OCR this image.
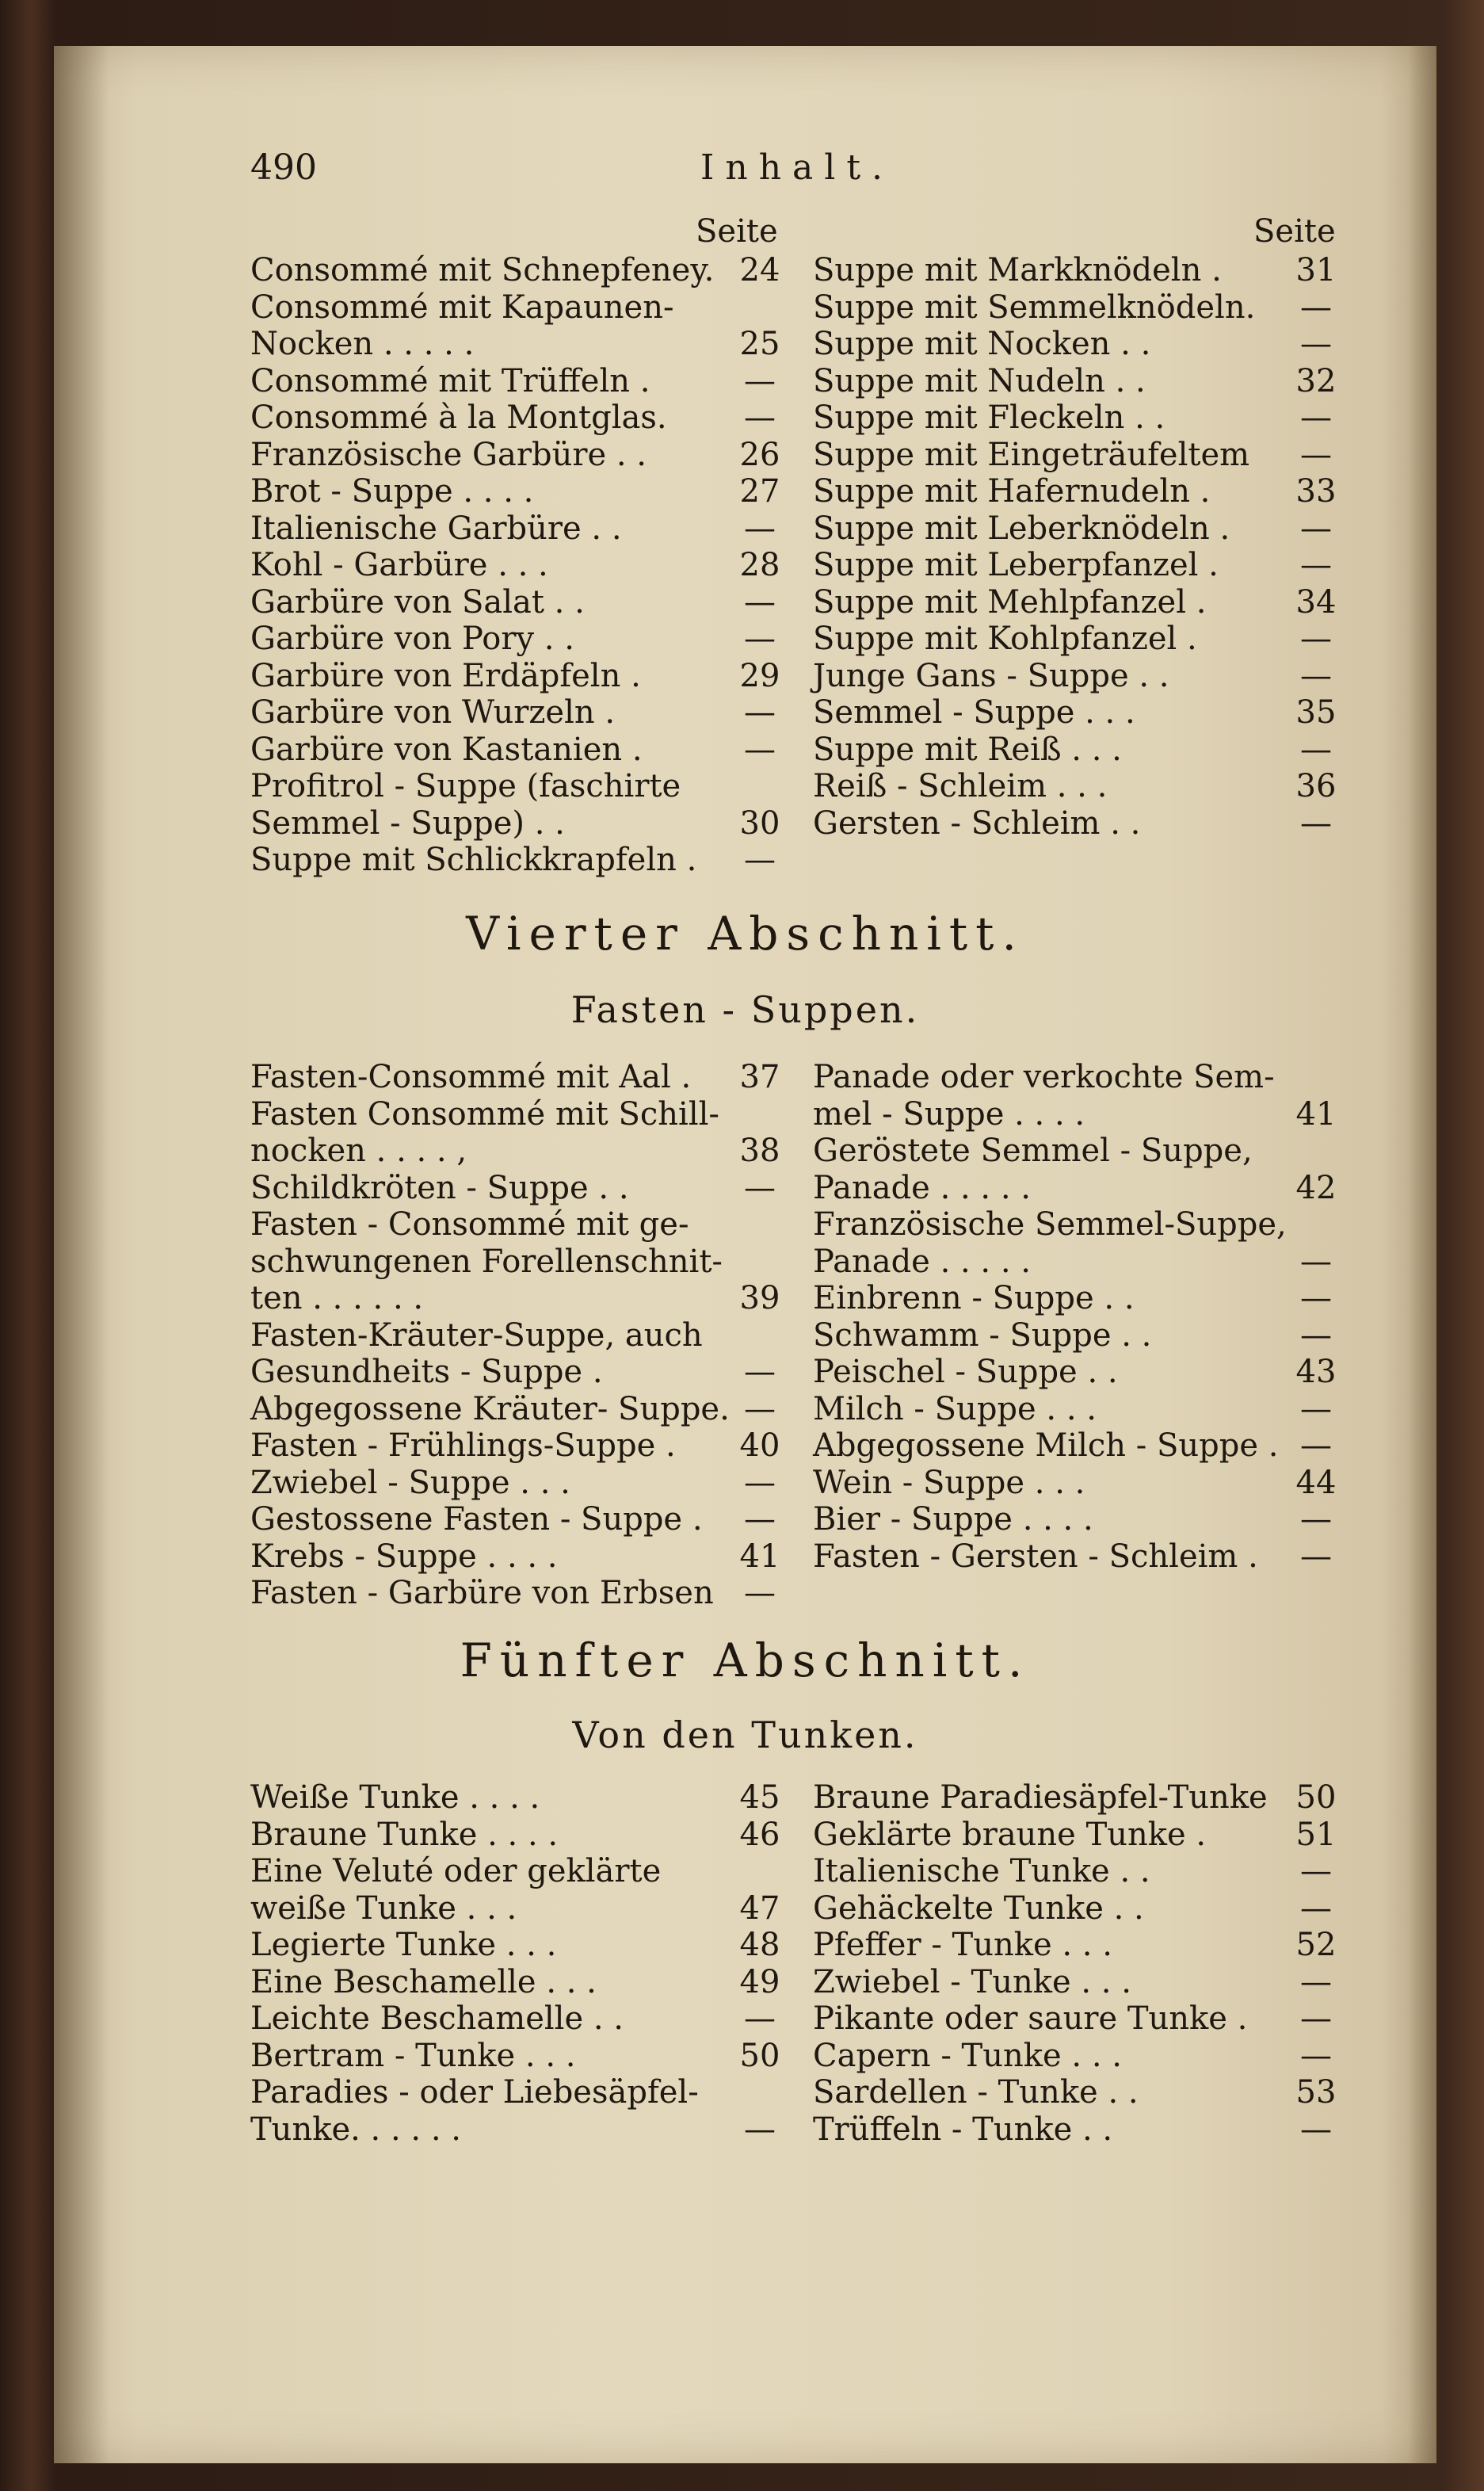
490	Inhalt.
Seite	Seite
Consommé mit Schnepfeney. 24
Consommé mit Kapaunen-
Nocken . . . . .	25
Consommé mit Trüffeln .	—
Consommé à la Montglas. —
Französische Garbüre . .	26
Brot - Suppe . . . .	27
Italienische Garbüre . .	—
Kohl - Garbüre . . .	28
Garbüre von Salat . .	—
Garbüre von Pory . .	—
Garbüre von Erdäpfeln .	29
Garbüre von Wurzeln .	—
Garbüre von Kastanien .	—
Profitrol - Suppe (faschirte
Semmel - Suppe) . .	30
Suppe mit Schlickkrapfeln . —
Suppe mit Markknödeln . 31
Suppe mit Semmelknödeln. —
Suppe mit Nocken . .	—
Suppe mit Nudeln . .	32
Suppe mit Fleckeln . .	—
Suppe mit Eingeträufeltem —
Suppe mit Hafernudeln .	33
Suppe mit Leberknödeln . —
Suppe mit Leberpfanzel .	—
Suppe mit Mehlpfanzel .	34
Suppe mit Kohlpfanzel .	—
Junge Gans - Suppe . .	—
Semmel - Suppe . . .	35
Suppe mit Reiß . . .	—
Reiß - Schleim . . .	36
Gersten - Schleim . .	—
Vierter Abschnitt.
Fasten - Suppen.
Fasten-Consommé mit Aal . 37
Fasten Consommé mit Schill-
nocken . . . . ,	38
Schildkröten - Suppe . .	—
Fasten - Consommé mit ge-
schwungenen Forellenschnit-
ten . . . . . .	39
Fasten-Kräuter-Suppe, auch
Gesundheits - Suppe .	—
Abgegossene Kräuter- Suppe. —
Fasten - Frühlings-Suppe . 40
Zwiebel - Suppe . . .	—
Gestossene Fasten - Suppe . —
Krebs - Suppe . . . .	41
Fasten - Garbüre von Erbsen —
Panade oder verkochte Sem-
mel - Suppe . . . .	41
Geröstete Semmel - Suppe,
Panade . . . . .	42
Französische Semmel-Suppe,
Panade . . . . .	—
Einbrenn - Suppe . .	—
Schwamm - Suppe . .	—
Peischel - Suppe . .	43
Milch - Suppe . . .	—
Abgegossene Milch - Suppe . —
Wein - Suppe . . .	44
Bier - Suppe . . . .	—
Fasten - Gersten - Schleim . —
Fünfter Abschnitt.
Von den Tunken.
Weiße Tunke . . . .	45
Braune Tunke . . . .	46
Eine Veluté oder geklärte
weiße Tunke . . .	47
Legierte Tunke . . .	48
Eine Beschamelle . . .	49
Leichte Beschamelle . .	—
Bertram - Tunke . . .	50
Paradies - oder Liebesäpfel-
Tunke. . . . . .	—
Braune Paradiesäpfel-Tunke 50
Geklärte braune Tunke .	51
Italienische Tunke . .	—
Gehäckelte Tunke . .	—
Pfeffer - Tunke . . .	52
Zwiebel - Tunke . . .	—
Pikante oder saure Tunke . —
Capern - Tunke . . .	—
Sardellen - Tunke . .	53
Trüffeln - Tunke . .	—
